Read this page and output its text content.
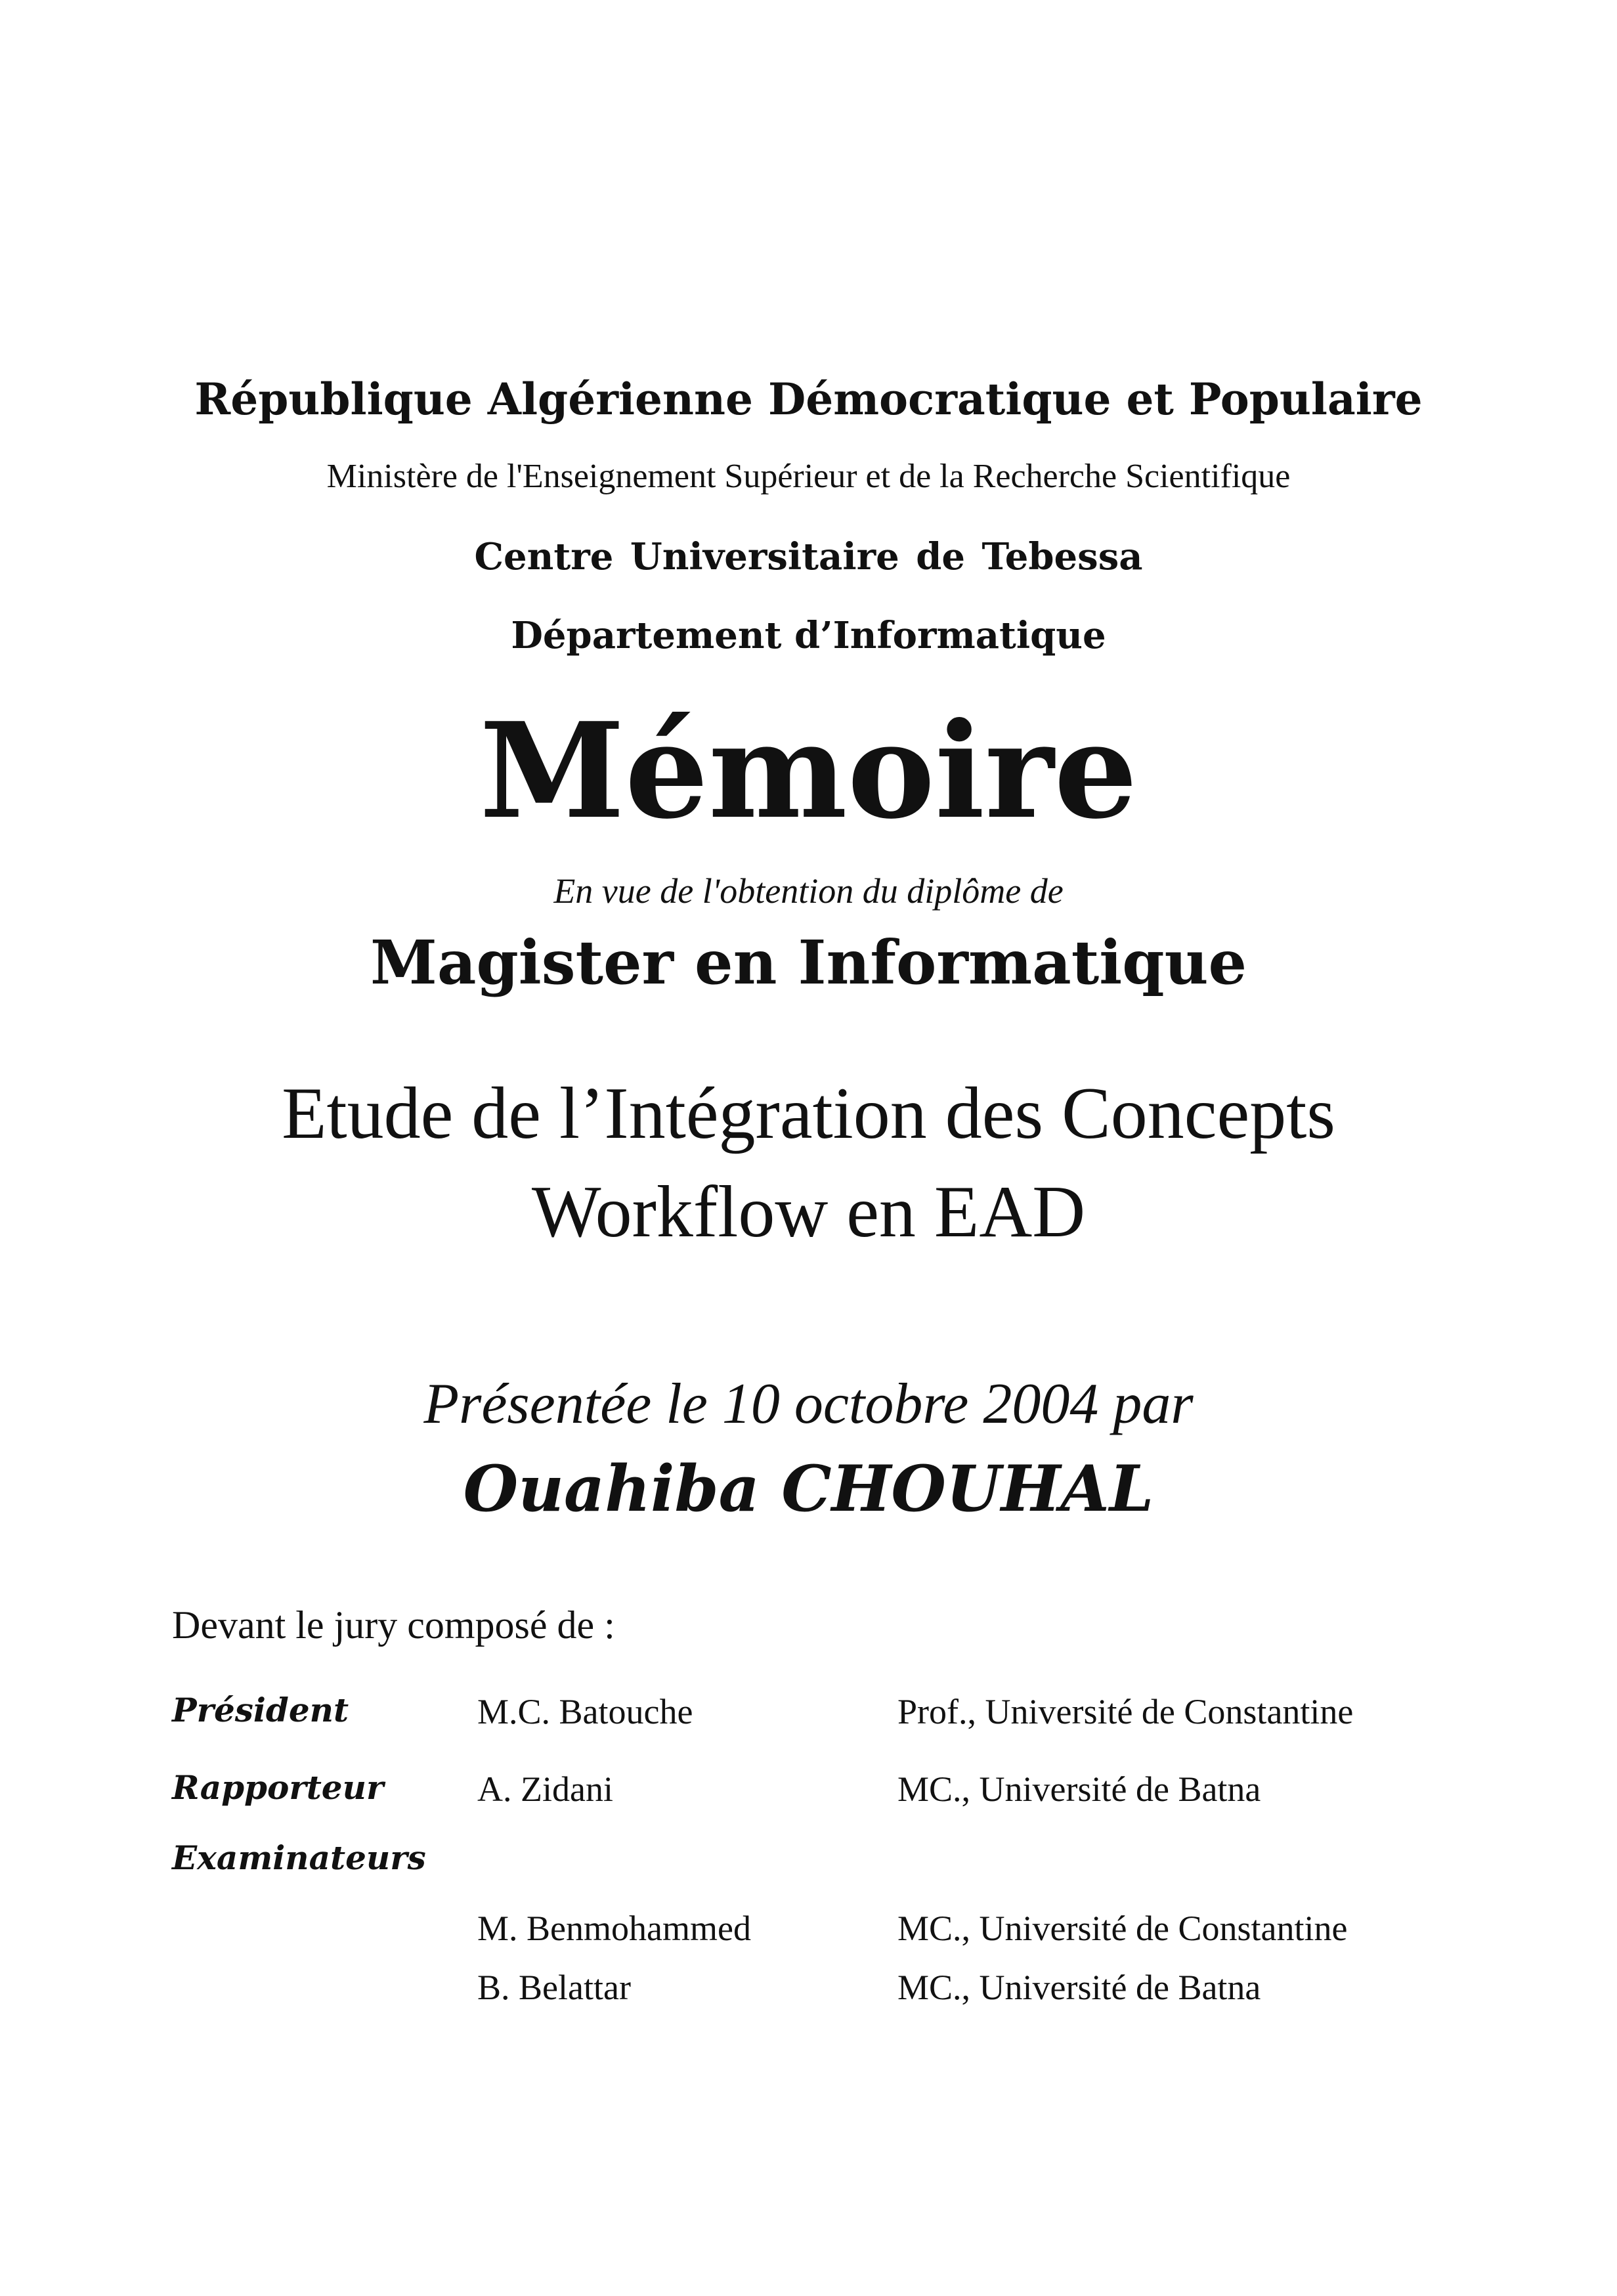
République Algérienne Démocratique et Populaire
Ministère de l'Enseignement Supérieur et de la Recherche Scientifique
Centre Universitaire de Tebessa
Département d’Informatique
Mémoire
En vue de l'obtention du diplôme de
Magister en Informatique
Etude de l’Intégration des Concepts
Workflow en EAD
Présentée le 10 octobre 2004 par
Ouahiba CHOUHAL
Devant le jury composé de :
Président	M.C. Batouche	Prof., Université de Constantine
Rapporteur	A. Zidani	MC., Université de Batna
Examinateurs
M. Benmohammed	MC., Université de Constantine
B. Belattar	MC., Université de Batna
